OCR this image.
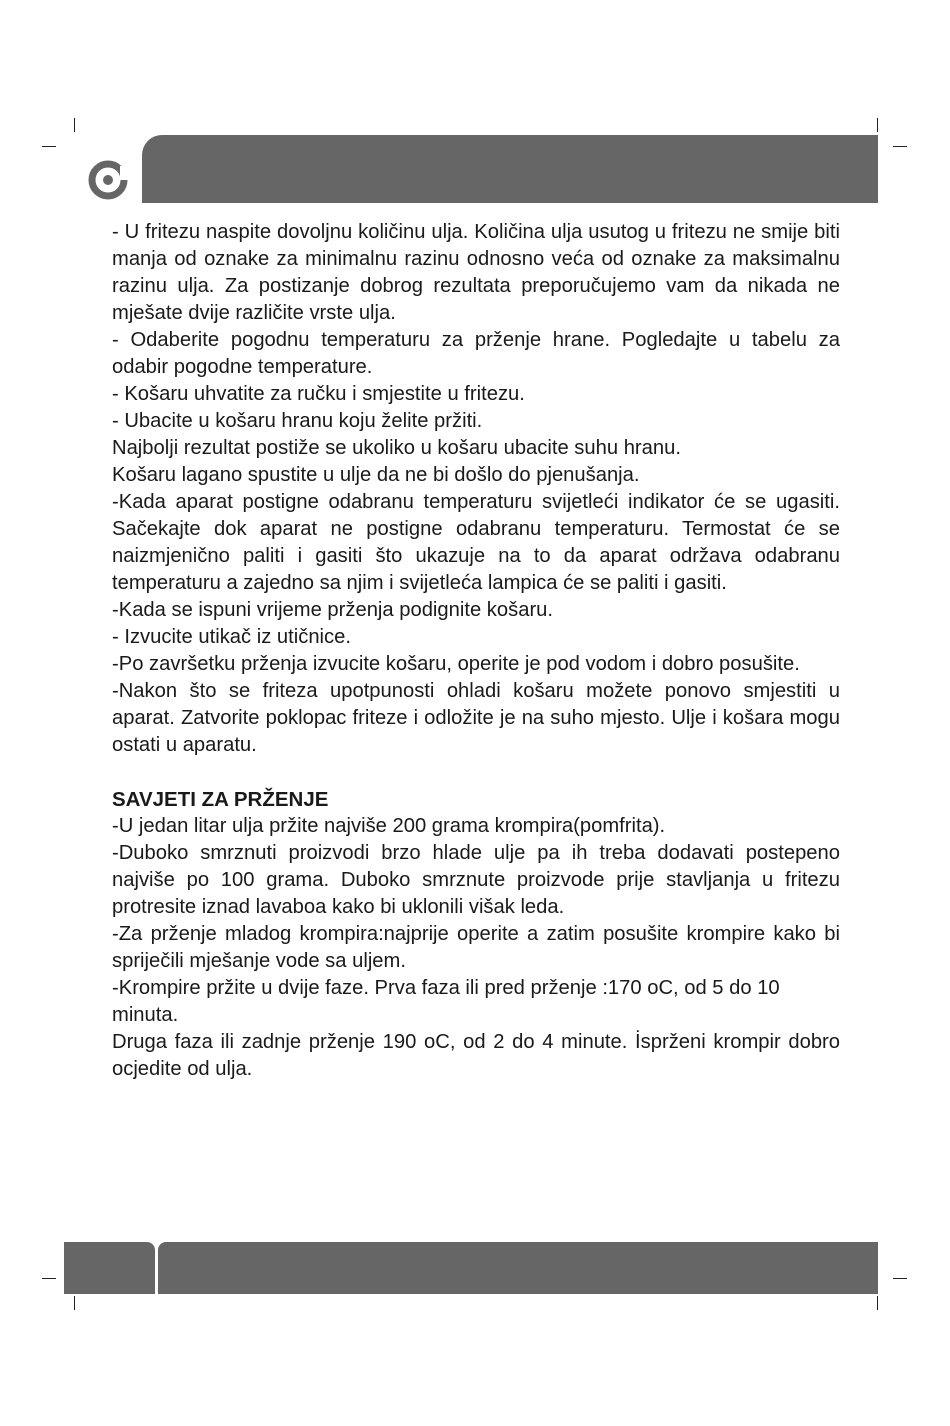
- U fritezu naspite dovoljnu količinu ulja. Količina ulja usutog u fritezu ne smije biti manja od oznake za minimalnu razinu odnosno veća od oznake za maksimalnu razinu ulja. Za postizanje dobrog rezultata preporučujemo vam da nikada ne mješate dvije različite vrste ulja.

- Odaberite pogodnu temperaturu za prženje hrane. Pogledajte u tabelu za odabir pogodne temperature.

- Košaru uhvatite za ručku i smjestite u fritezu.

- Ubacite u košaru hranu koju želite pržiti.

Najbolji rezultat postiže se ukoliko u košaru ubacite suhu hranu.

Košaru lagano spustite u ulje da ne bi došlo do pjenušanja.

-Kada aparat postigne odabranu temperaturu svijetleći indikator će se ugasiti. Sačekajte dok aparat ne postigne odabranu temperaturu. Termostat će se naizmjenično paliti i gasiti što ukazuje na to da aparat održava odabranu temperaturu a zajedno sa njim i svijetleća lampica će se paliti i gasiti.

-Kada se ispuni vrijeme prženja podignite košaru.

- Izvucite utikač iz utičnice.

-Po završetku prženja izvucite košaru, operite je pod vodom i dobro posušite.

-Nakon što se friteza upotpunosti ohladi košaru možete ponovo smjestiti u aparat. Zatvorite poklopac friteze i odložite je na suho mjesto. Ulje i košara mogu ostati u aparatu.

SAVJETI ZA PRŽENJE

-U jedan litar ulja pržite najviše 200 grama krompira(pomfrita).

-Duboko smrznuti proizvodi brzo hlade ulje pa ih treba dodavati postepeno najviše po 100 grama. Duboko smrznute proizvode prije stavljanja u fritezu protresite iznad lavaboa kako bi uklonili višak leda.

-Za prženje mladog krompira:najprije operite a zatim posušite krompire kako bi spriječili mješanje vode sa uljem.

-Krompire pržite u dvije faze. Prva faza ili pred prženje :170 oC, od 5 do 10 minuta.

Druga faza ili zadnje prženje 190 oC, od 2 do 4 minute. İsprženi krompir dobro ocjedite od ulja.
